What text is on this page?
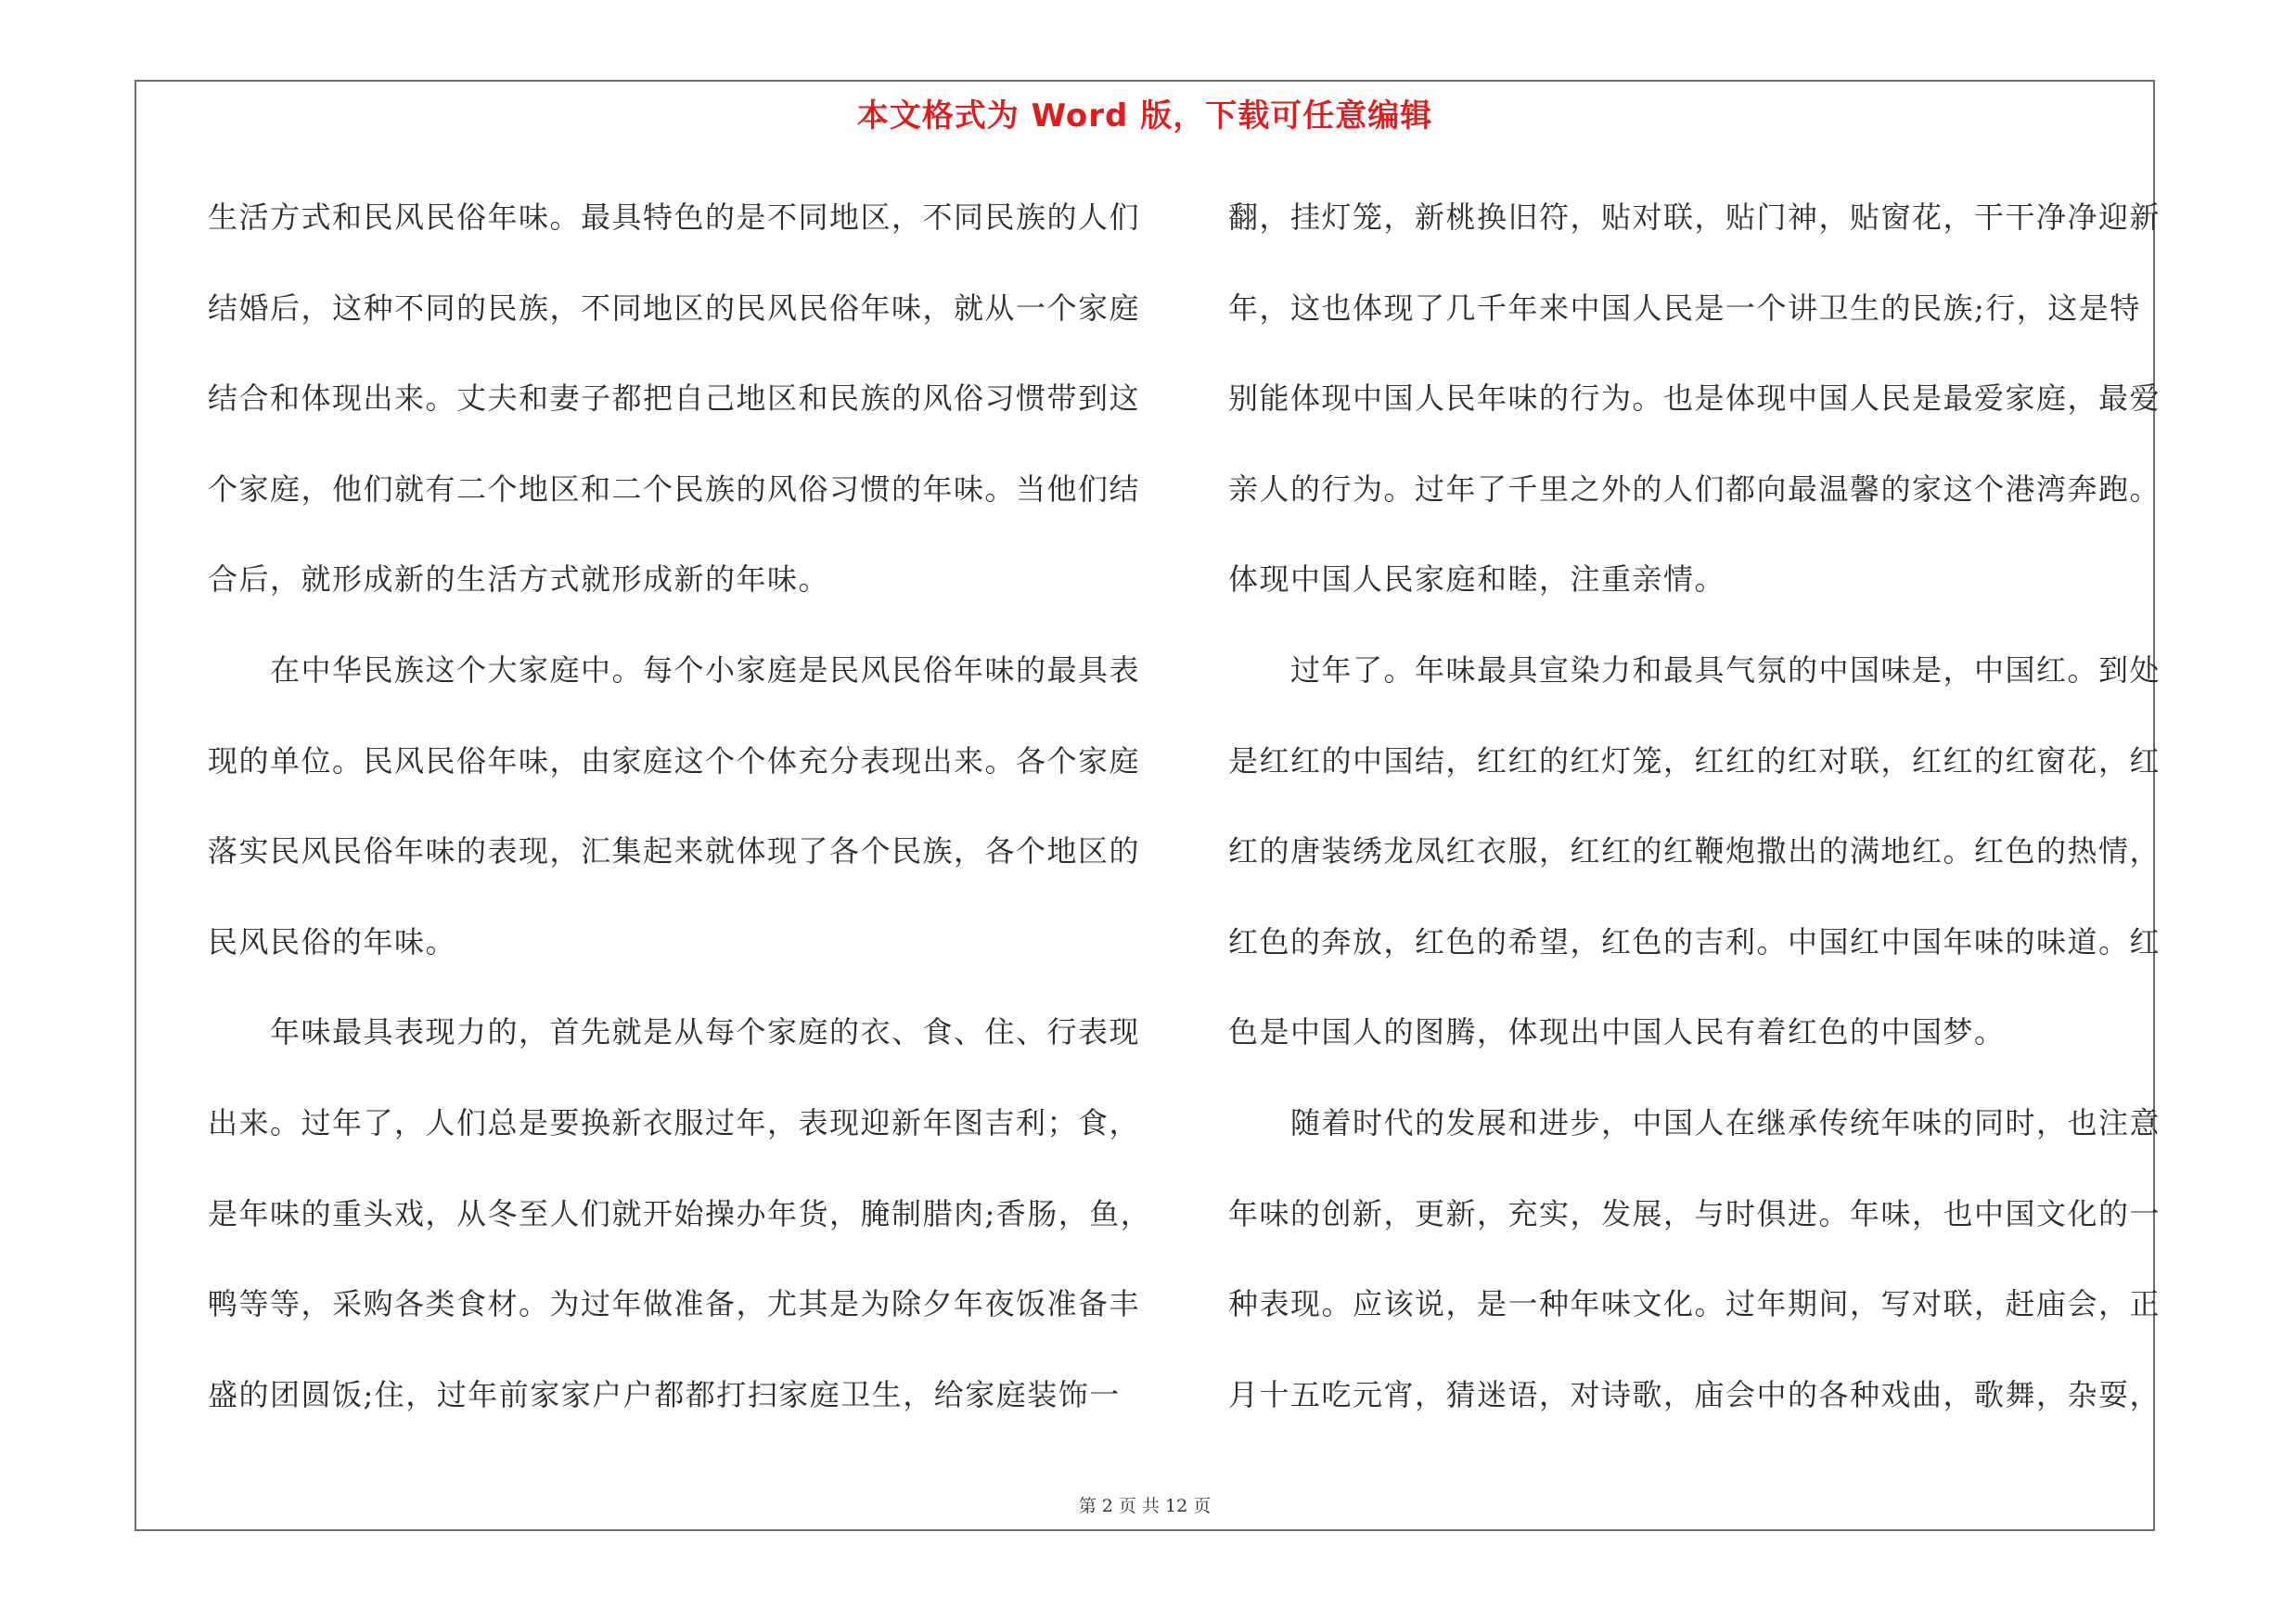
本文格式为 Word 版，下载可任意编辑
生活方式和民风民俗年味。最具特色的是不同地区，不同民族的人们
结婚后，这种不同的民族，不同地区的民风民俗年味，就从一个家庭
结合和体现出来。丈夫和妻子都把自己地区和民族的风俗习惯带到这
个家庭，他们就有二个地区和二个民族的风俗习惯的年味。当他们结
合后，就形成新的生活方式就形成新的年味。
　　在中华民族这个大家庭中。每个小家庭是民风民俗年味的最具表
现的单位。民风民俗年味，由家庭这个个体充分表现出来。各个家庭
落实民风民俗年味的表现，汇集起来就体现了各个民族，各个地区的
民风民俗的年味。
　　年味最具表现力的，首先就是从每个家庭的衣、食、住、行表现
出来。过年了，人们总是要换新衣服过年，表现迎新年图吉利；食，
是年味的重头戏，从冬至人们就开始操办年货，腌制腊肉;香肠，鱼，
鸭等等，采购各类食材。为过年做准备，尤其是为除夕年夜饭准备丰
盛的团圆饭;住，过年前家家户户都都打扫家庭卫生，给家庭装饰一
翻，挂灯笼，新桃换旧符，贴对联，贴门神，贴窗花，干干净净迎新
年，这也体现了几千年来中国人民是一个讲卫生的民族;行，这是特
别能体现中国人民年味的行为。也是体现中国人民是最爱家庭，最爱
亲人的行为。过年了千里之外的人们都向最温馨的家这个港湾奔跑。
体现中国人民家庭和睦，注重亲情。
　　过年了。年味最具宣染力和最具气氛的中国味是，中国红。到处
是红红的中国结，红红的红灯笼，红红的红对联，红红的红窗花，红
红的唐装绣龙凤红衣服，红红的红鞭炮撒出的满地红。红色的热情，
红色的奔放，红色的希望，红色的吉利。中国红中国年味的味道。红
色是中国人的图腾，体现出中国人民有着红色的中国梦。
　　随着时代的发展和进步，中国人在继承传统年味的同时，也注意
年味的创新，更新，充实，发展，与时俱进。年味，也中国文化的一
种表现。应该说，是一种年味文化。过年期间，写对联，赶庙会，正
月十五吃元宵，猜迷语，对诗歌，庙会中的各种戏曲，歌舞，杂耍，
第 2 页 共 12 页
